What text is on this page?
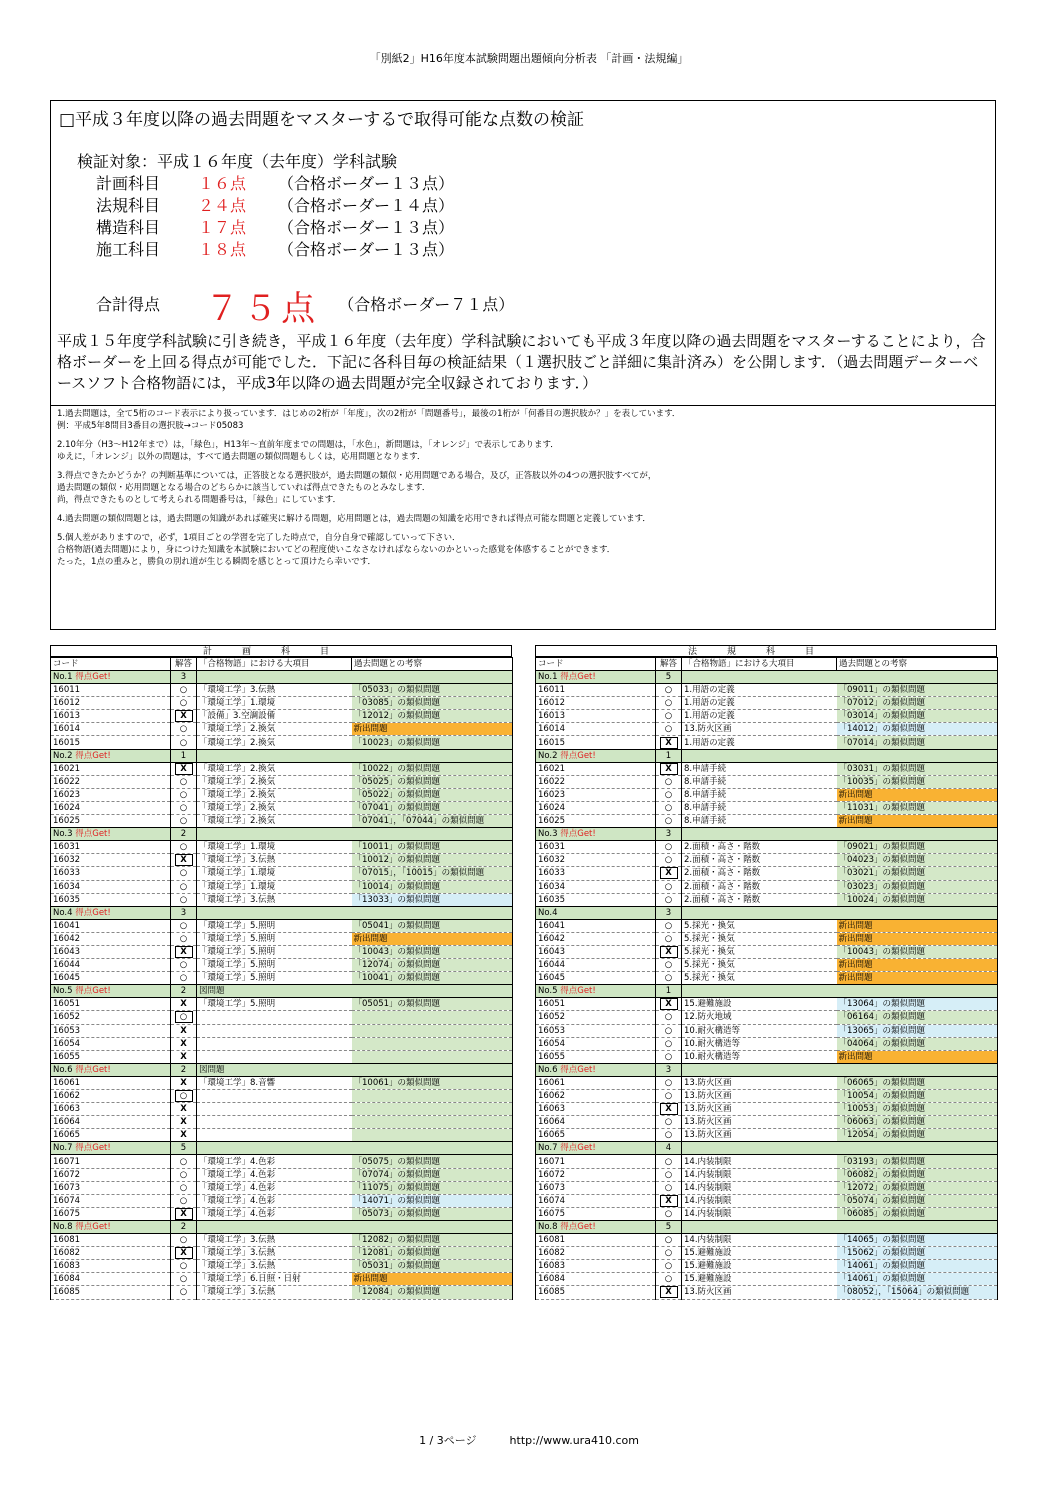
「別紙2」H16年度本試験問題出題傾向分析表 「計画・法規編」
□平成３年度以降の過去問題をマスターするで取得可能な点数の検証
検証対象：平成１６年度（去年度）学科試験
計画科目 １６点 （合格ボーダー１３点）
法規科目 ２４点 （合格ボーダー１４点）
構造科目 １７点 （合格ボーダー１３点）
施工科目 １８点 （合格ボーダー１３点）
合計得点 ７５点 （合格ボーダー７１点）
平成１５年度学科試験に引き続き，平成１６年度（去年度）学科試験においても平成３年度以降の過去問題をマスターすることにより，合格ボーダーを上回る得点が可能でした．下記に各科目毎の検証結果（１選択肢ごと詳細に集計済み）を公開します．（過去問題データーベースソフト合格物語には，平成3年以降の過去問題が完全収録されております．）
1.過去問題は，全て5桁のコード表示により扱っています．はじめの2桁が「年度」，次の2桁が「問題番号」，最後の1桁が「何番目の選択肢か？」を表しています．
例：平成5年8問目3番目の選択肢→コード05083
2.10年分（H3～H12年まで）は，「緑色」，H13年～直前年度までの問題は，「水色」，新問題は，「オレンジ」で表示してあります．
ゆえに，「オレンジ」以外の問題は，すべて過去問題の類似問題もしくは，応用問題となります．
3.得点できたかどうか？の判断基準については，正答肢となる選択肢が，過去問題の類似・応用問題である場合，及び，正答肢以外の4つの選択肢すべてが，
過去問題の類似・応用問題となる場合のどちらかに該当していれば得点できたものとみなします．
尚，得点できたものとして考えられる問題番号は，「緑色」にしています．
4.過去問題の類似問題とは，過去問題の知識があれば確実に解ける問題，応用問題とは，過去問題の知識を応用できれば得点可能な問題と定義しています．
5.個人差がありますので，必ず，1項目ごとの学習を完了した時点で，自分自身で確認していって下さい．
合格物語(過去問題)により，身につけた知識を本試験においてどの程度使いこなさなければならないのかといった感覚を体感することができます．
たった，1点の重みと，勝負の別れ道が生じる瞬間を感じとって頂けたら幸いです．
計画科目
コード	解答	「合格物語」における大項目	過去問題との考察
No.1 得点Get!	3		
16011	○	「環境工学」3.伝熱	「05033」の類似問題
16012	○	「環境工学」1.環境	「03085」の類似問題
16013	X	「設備」3.空調設備	「12012」の類似問題
16014	○	「環境工学」2.換気	新出問題
16015	○	「環境工学」2.換気	「10023」の類似問題
No.2 得点Get!	1		
16021	X	「環境工学」2.換気	「10022」の類似問題
16022	○	「環境工学」2.換気	「05025」の類似問題
16023	○	「環境工学」2.換気	「05022」の類似問題
16024	○	「環境工学」2.換気	「07041」の類似問題
16025	○	「環境工学」2.換気	「07041」，「07044」の類似問題
No.3 得点Get!	2		
16031	○	「環境工学」1.環境	「10011」の類似問題
16032	X	「環境工学」3.伝熱	「10012」の類似問題
16033	○	「環境工学」1.環境	「07015」，「10015」の類似問題
16034	○	「環境工学」1.環境	「10014」の類似問題
16035	○	「環境工学」3.伝熱	「13033」の類似問題
No.4 得点Get!	3		
16041	○	「環境工学」5.照明	「05041」の類似問題
16042	○	「環境工学」5.照明	新出問題
16043	X	「環境工学」5.照明	「10043」の類似問題
16044	○	「環境工学」5.照明	「12074」の類似問題
16045	○	「環境工学」5.照明	「10041」の類似問題
No.5 得点Get!	2	図問題	
16051	X	「環境工学」5.照明	「05051」の類似問題
16052	○		
16053	X		
16054	X		
16055	X		
No.6 得点Get!	2	図問題	
16061	X	「環境工学」8.音響	「10061」の類似問題
16062	○		
16063	X		
16064	X		
16065	X		
No.7 得点Get!	5		
16071	○	「環境工学」4.色彩	「05075」の類似問題
16072	○	「環境工学」4.色彩	「07074」の類似問題
16073	○	「環境工学」4.色彩	「11075」の類似問題
16074	○	「環境工学」4.色彩	「14071」の類似問題
16075	X	「環境工学」4.色彩	「05073」の類似問題
No.8 得点Get!	2		
16081	○	「環境工学」3.伝熱	「12082」の類似問題
16082	X	「環境工学」3.伝熱	「12081」の類似問題
16083	○	「環境工学」3.伝熱	「05031」の類似問題
16084	○	「環境工学」6.日照・日射	新出問題
16085	○	「環境工学」3.伝熱	「12084」の類似問題
法規科目
コード	解答	「合格物語」における大項目	過去問題との考察
No.1 得点Get!	5		
16011	○	1.用語の定義	「09011」の類似問題
16012	○	1.用語の定義	「07012」の類似問題
16013	○	1.用語の定義	「03014」の類似問題
16014	○	13.防火区画	「14012」の類似問題
16015	X	1.用語の定義	「07014」の類似問題
No.2 得点Get!	1		
16021	X	8.申請手続	「03031」の類似問題
16022	○	8.申請手続	「10035」の類似問題
16023	○	8.申請手続	新出問題
16024	○	8.申請手続	「11031」の類似問題
16025	○	8.申請手続	新出問題
No.3 得点Get!	3		
16031	○	2.面積・高さ・階数	「09021」の類似問題
16032	○	2.面積・高さ・階数	「04023」の類似問題
16033	X	2.面積・高さ・階数	「03021」の類似問題
16034	○	2.面積・高さ・階数	「03023」の類似問題
16035	○	2.面積・高さ・階数	「10024」の類似問題
No.4	3		
16041	○	5.採光・換気	新出問題
16042	○	5.採光・換気	新出問題
16043	X	5.採光・換気	「10043」の類似問題
16044	○	5.採光・換気	新出問題
16045	○	5.採光・換気	新出問題
No.5 得点Get!	1		
16051	X	15.避難施設	「13064」の類似問題
16052	○	12.防火地域	「06164」の類似問題
16053	○	10.耐火構造等	「13065」の類似問題
16054	○	10.耐火構造等	「04064」の類似問題
16055	○	10.耐火構造等	新出問題
No.6 得点Get!	3		
16061	○	13.防火区画	「06065」の類似問題
16062	○	13.防火区画	「10054」の類似問題
16063	X	13.防火区画	「10053」の類似問題
16064	○	13.防火区画	「06063」の類似問題
16065	○	13.防火区画	「12054」の類似問題
No.7 得点Get!	4		
16071	○	14.内装制限	「03193」の類似問題
16072	○	14.内装制限	「06082」の類似問題
16073	○	14.内装制限	「12072」の類似問題
16074	X	14.内装制限	「05074」の類似問題
16075	○	14.内装制限	「06085」の類似問題
No.8 得点Get!	5		
16081	○	14.内装制限	「14065」の類似問題
16082	○	15.避難施設	「15062」の類似問題
16083	○	15.避難施設	「14061」の類似問題
16084	○	15.避難施設	「14061」の類似問題
16085	X	13.防火区画	「08052」，「15064」の類似問題
1 / 3ページ　　　http://www.ura410.com
